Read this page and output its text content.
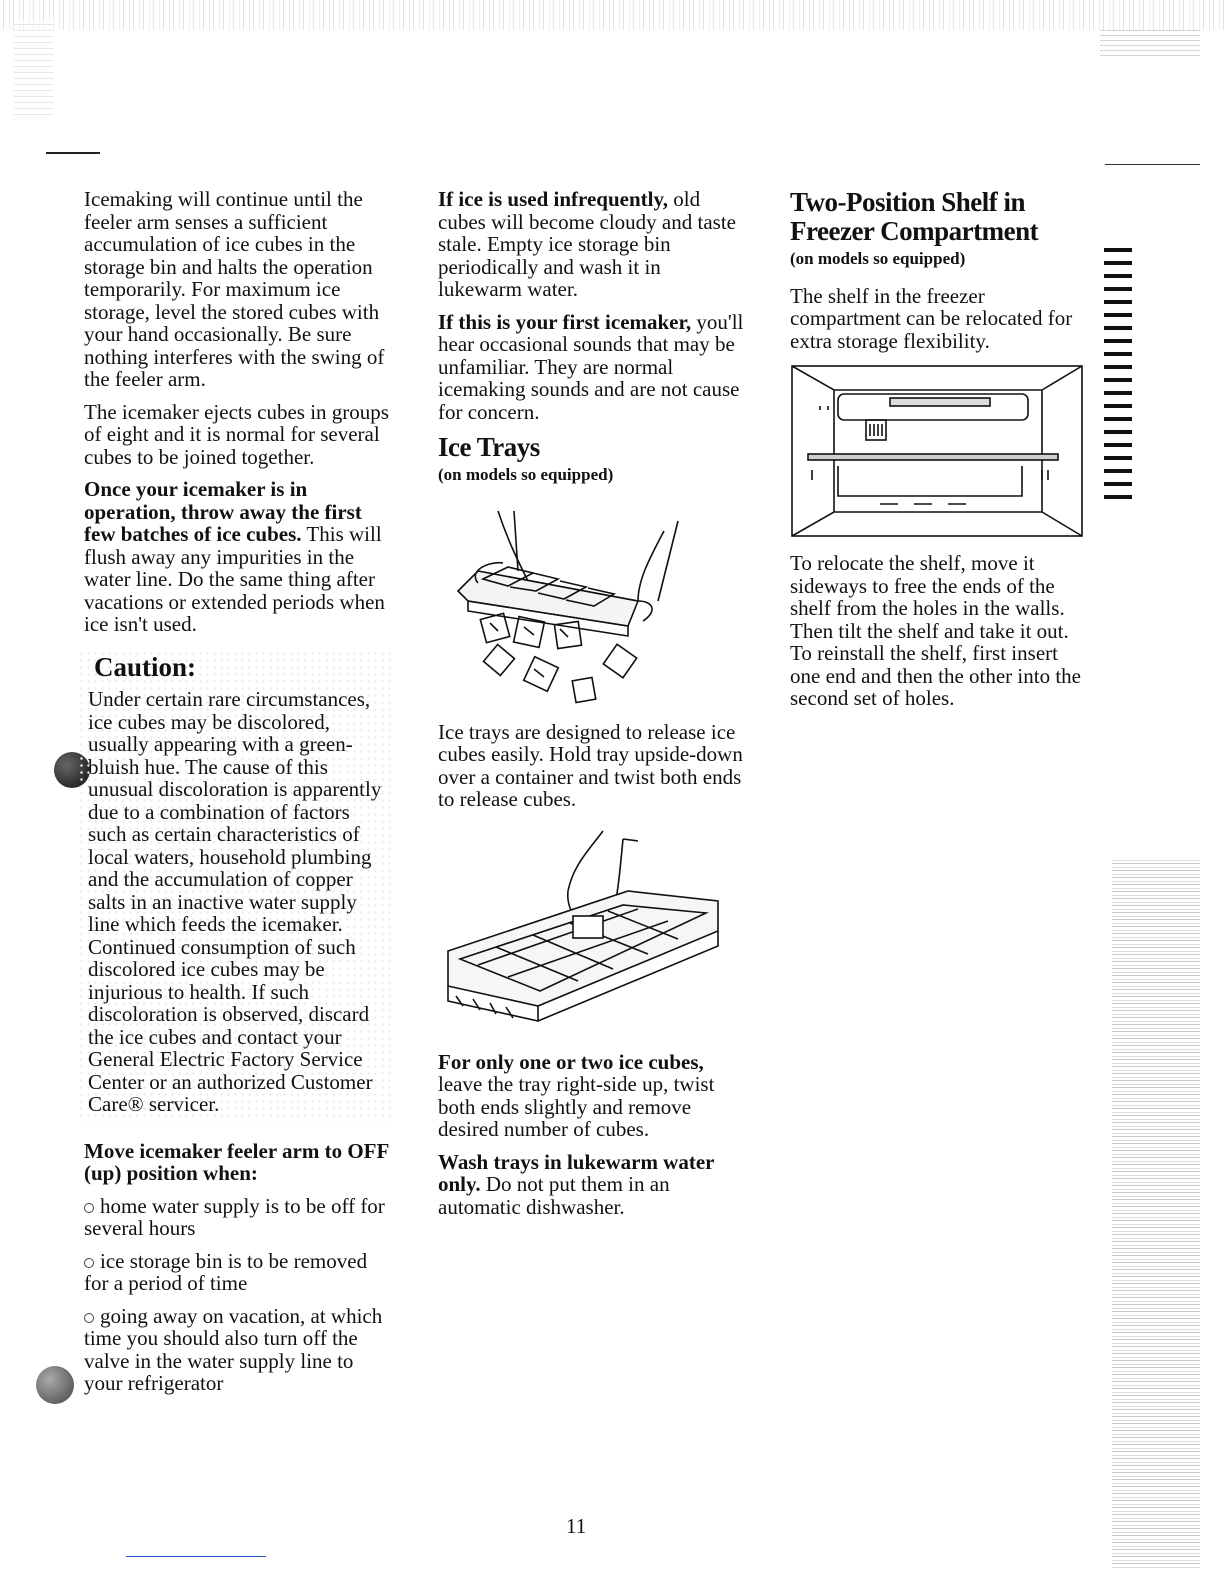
Icemaking will continue until the feeler arm senses a sufficient accumulation of ice cubes in the storage bin and halts the operation temporarily. For maximum ice storage, level the stored cubes with your hand occasionally. Be sure nothing interferes with the swing of the feeler arm.

The icemaker ejects cubes in groups of eight and it is normal for several cubes to be joined together.

Once your icemaker is in operation, throw away the first few batches of ice cubes. This will flush away any impurities in the water line. Do the same thing after vacations or extended periods when ice isn't used.

Caution:

Under certain rare circumstances, ice cubes may be discolored, usually appearing with a green-bluish hue. The cause of this unusual discoloration is apparently due to a combination of factors such as certain characteristics of local waters, household plumbing and the accumulation of copper salts in an inactive water supply line which feeds the icemaker. Continued consumption of such discolored ice cubes may be injurious to health. If such discoloration is observed, discard the ice cubes and contact your General Electric Factory Service Center or an authorized Customer Care® servicer.

Move icemaker feeler arm to OFF (up) position when:

home water supply is to be off for several hours

ice storage bin is to be removed for a period of time

going away on vacation, at which time you should also turn off the valve in the water supply line to your refrigerator

If ice is used infrequently, old cubes will become cloudy and taste stale. Empty ice storage bin periodically and wash it in lukewarm water.

If this is your first icemaker, you'll hear occasional sounds that may be unfamiliar. They are normal icemaking sounds and are not cause for concern.

Ice Trays
(on models so equipped)

Ice trays are designed to release ice cubes easily. Hold tray upside-down over a container and twist both ends to release cubes.

For only one or two ice cubes, leave the tray right-side up, twist both ends slightly and remove desired number of cubes.

Wash trays in lukewarm water only. Do not put them in an automatic dishwasher.

Two-Position Shelf in Freezer Compartment
(on models so equipped)

The shelf in the freezer compartment can be relocated for extra storage flexibility.

To relocate the shelf, move it sideways to free the ends of the shelf from the holes in the walls. Then tilt the shelf and take it out. To reinstall the shelf, first insert one end and then the other into the second set of holes.

11
